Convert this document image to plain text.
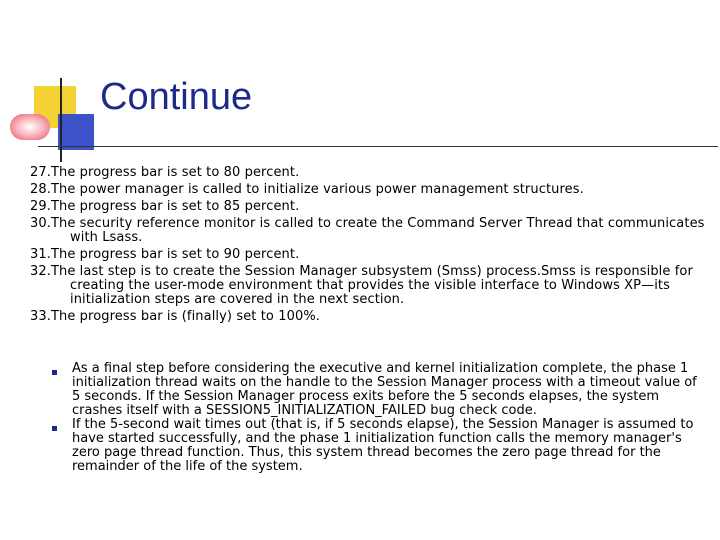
Continue
27.The progress bar is set to 80 percent.
28.The power manager is called to initialize various power management structures.
29.The progress bar is set to 85 percent.
30.The security reference monitor is called to create the Command Server Thread that communicates with Lsass.
31.The progress bar is set to 90 percent.
32.The last step is to create the Session Manager subsystem (Smss) process.Smss is responsible for creating the user-mode environment that provides the visible interface to Windows XP—its initialization steps are covered in the next section.
33.The progress bar is (finally) set to 100%.
As a final step before considering the executive and kernel initialization complete, the phase 1 initialization thread waits on the handle to the Session Manager process with a timeout value of 5 seconds. If the Session Manager process exits before the 5 seconds elapses, the system crashes itself with a SESSION5_INITIALIZATION_FAILED bug check code.
If the 5-second wait times out (that is, if 5 seconds elapse), the Session Manager is assumed to have started successfully, and the phase 1 initialization function calls the memory manager's zero page thread function. Thus, this system thread becomes the zero page thread for the remainder of the life of the system.
